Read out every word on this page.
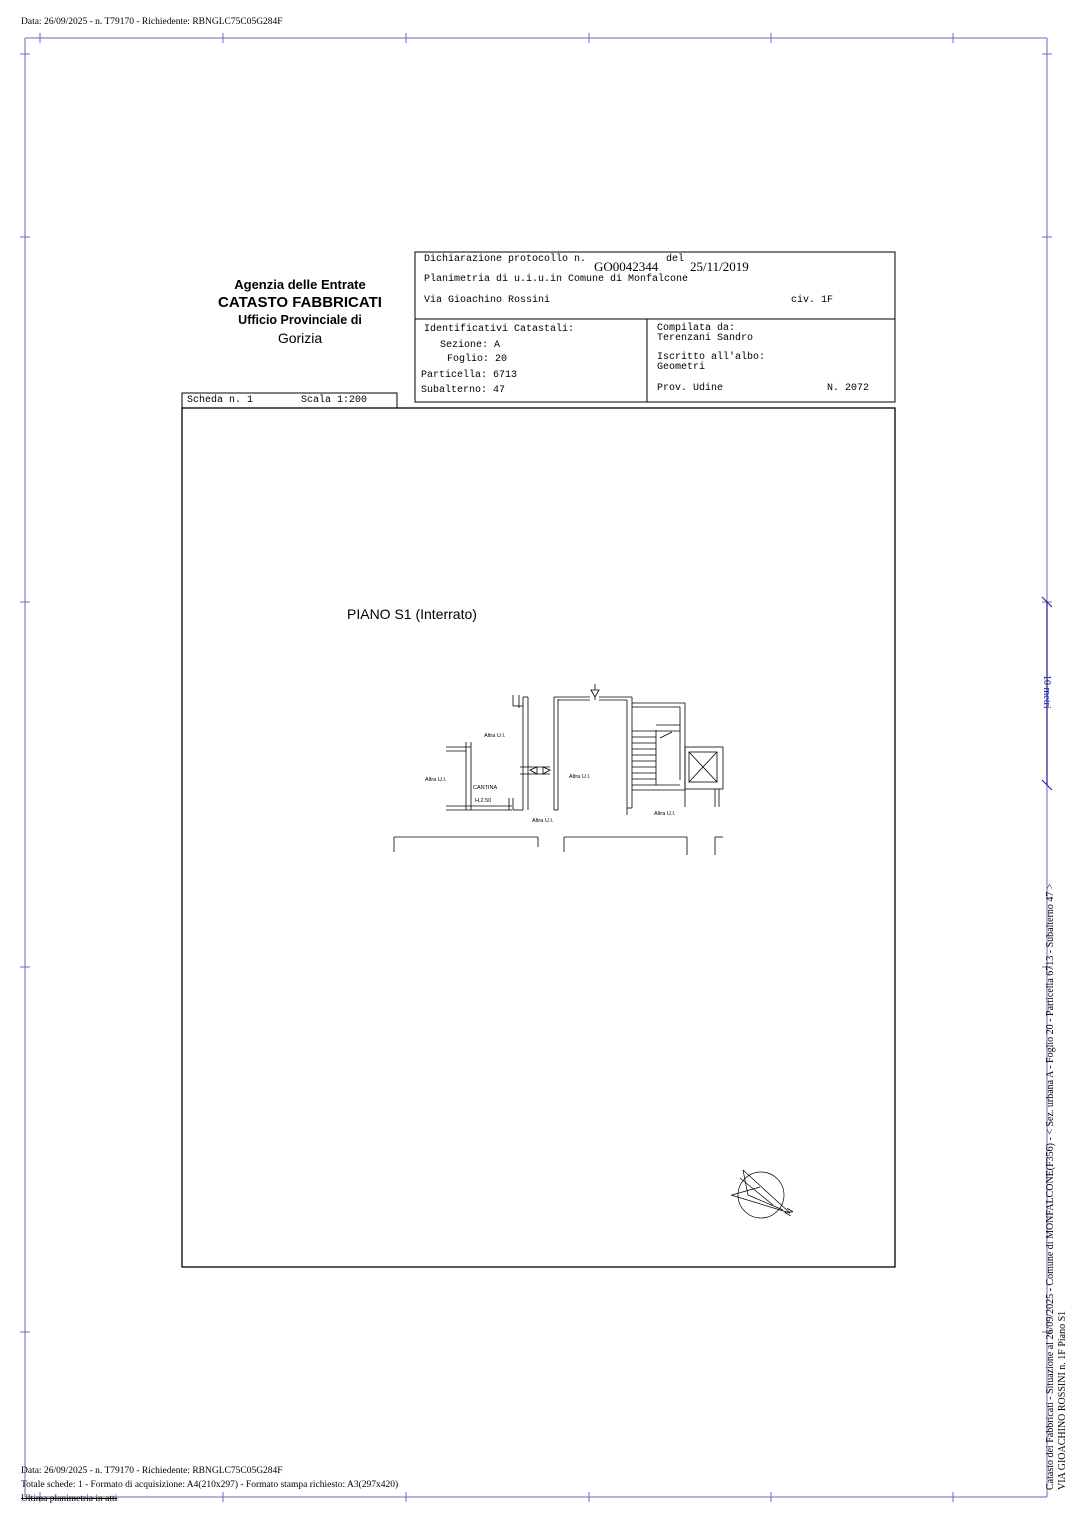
Data: 26/09/2025 - n. T79170 - Richiedente: RBNGLC75C05G284F
10 metri
Agenzia delle Entrate
CATASTO FABBRICATI
Ufficio Provinciale di
Gorizia
Dichiarazione protocollo n. GO0042344 del 25/11/2019
Planimetria di u.i.u.in Comune di Monfalcone
Via Gioachino Rossini	civ. 1F
Identificativi Catastali:
Sezione: A
Foglio: 20
Particella: 6713
Subalterno: 47
Compilata da:
Terenzani Sandro
Iscritto all'albo:
Geometri
Prov. Udine	N. 2072
Scheda n. 1	Scala 1:200
PIANO S1 (Interrato)
Altra U.I.
Altra U.I.
CANTINA
H.2.50
Altra U.I.
Altra U.I.
Altra U.I.
N	Catasto dei Fabbricati - Situazione al 26/09/2025 - Comune di MONFALCONE(F356) - < Sez. urbana A - Foglio 20 - Particella 6713 - Subalterno 47 > VIA GIOACHINO ROSSINI n. 1F Piano S1
Data: 26/09/2025 - n. T79170 - Richiedente: RBNGLC75C05G284F
Totale schede: 1 - Formato di acquisizione: A4(210x297) - Formato stampa richiesto: A3(297x420)
Ultima planimetria in atti
